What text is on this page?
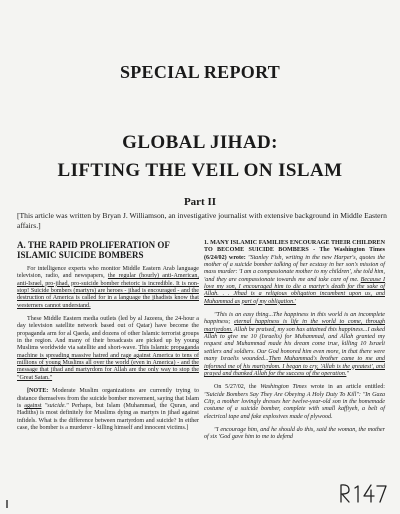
SPECIAL REPORT
GLOBAL JIHAD:
LIFTING THE VEIL ON ISLAM
Part II
[This article was written by Bryan J. Williamson, an investigative journalist with extensive background in Middle Eastern affairs.]
A. THE RAPID PROLIFERATION OF ISLAMIC SUICIDE BOMBERS

For intelligence experts who monitor Middle Eastern Arab language television, radio, and newspapers, the regular (hourly) anti-American, anti-Israel, pro-jihad, pro-suicide bomber rhetoric is incredible. It is non-stop! Suicide bombers (martyrs) are heroes - jihad is encouraged - and the destruction of America is called for in a language the jihadists know that westerners cannot understand.

These Middle Eastern media outlets (led by al Jazeera, the 24-hour a day television satellite network based out of Qatar) have become the propaganda arm for al Qaeda, and dozens of other Islamic terrorist groups in the region. And many of their broadcasts are picked up by young Muslims worldwide via satellite and short-wave. This Islamic propaganda machine is spreading massive hatred and rage against America to tens of millions of young Muslims all over the world (even in America) - and the message that jihad and martyrdom for Allah are the only way to stop the "Great Satan."

[NOTE: Moderate Muslim organizations are currently trying to distance themselves from the suicide bomber movement, saying that Islam is against "suicide." Perhaps, but Islam (Muhammad, the Quran, and Hadiths) is most definitely for Muslims dying as martyrs in jihad against infidels. What is the difference between martyrdom and suicide? In either case, the bomber is a murderer - killing himself and innocent victims.]

1. MANY ISLAMIC FAMILIES ENCOURAGE THEIR CHILDREN TO BECOME SUICIDE BOMBERS - The Washington Times (6/24/02) wrote: "Stanley Fish, writing in the new Harper's, quotes the mother of a suicide bomber talking of her ecstasy in her son's mission of mass murder: 'I am a compassionate mother to my children', she told him, 'and they are compassionate towards me and take care of me. Because I love my son, I encouraged him to die a martyr's death for the sake of Allah. . . Jihad is a religious obligation incumbent upon us, and Muhammad as part of my obligation.'

"This is an easy thing...The happiness in this world is an incomplete happiness; eternal happiness is life in the world to come, through martyrdom. Allah be praised, my son has attained this happiness...I asked Allah to give me 10 (Israelis) for Muhammad, and Allah granted my request and Muhammad made his dream come true, killing 10 Israeli settlers and soldiers. Our God honored him even more, in that there were many Israelis wounded...Then Muhammad's brother came to me and informed me of his martyrdom. I began to cry, 'Allah is the greatest', and prayed and thanked Allah for the success of the operation."

On 5/27/02, the Washington Times wrote in an article entitled: "Suicide Bombers Say They Are Obeying A Holy Duty To Kill": "In Gaza City, a mother lovingly dresses her twelve-year-old son in the homemade costume of a suicide bomber, complete with small kaffiyeh, a belt of electrical tape and fake explosives made of plywood.

"I encourage him, and he should do this, said the woman, the mother of six 'God gave him to me to defend
